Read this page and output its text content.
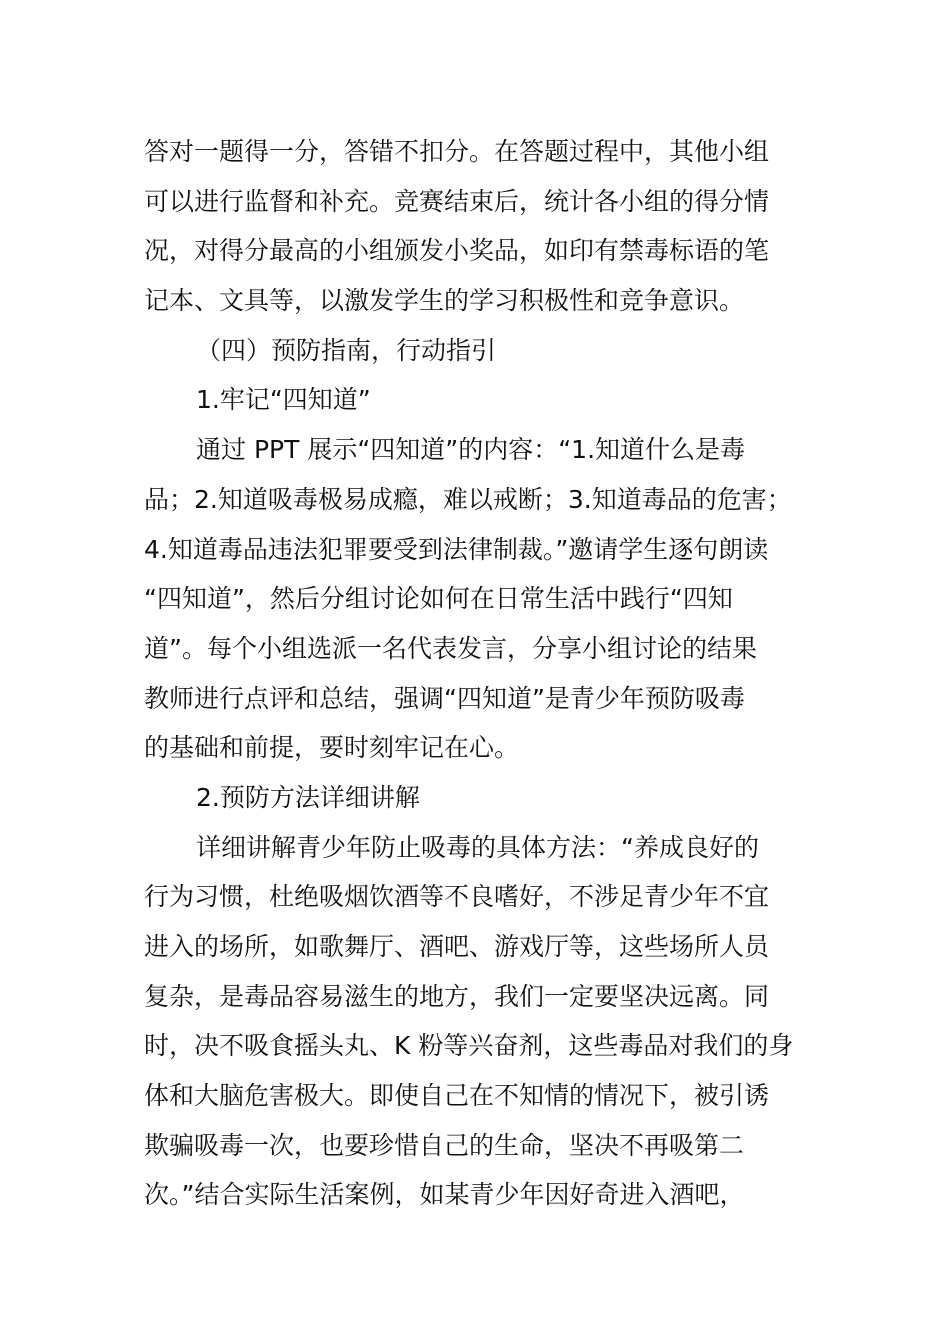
答对一题得一分，答错不扣分。在答题过程中，其他小组
可以进行监督和补充。竞赛结束后，统计各小组的得分情
况，对得分最高的小组颁发小奖品，如印有禁毒标语的笔
记本、文具等，以激发学生的学习积极性和竞争意识。
（四）预防指南，行动指引
1.牢记“四知道”
通过 PPT 展示“四知道”的内容：“1.知道什么是毒
品；2.知道吸毒极易成瘾，难以戒断；3.知道毒品的危害；
4.知道毒品违法犯罪要受到法律制裁。”邀请学生逐句朗读
“四知道”，然后分组讨论如何在日常生活中践行“四知
道”。每个小组选派一名代表发言，分享小组讨论的结果
教师进行点评和总结，强调“四知道”是青少年预防吸毒
的基础和前提，要时刻牢记在心。
2.预防方法详细讲解
详细讲解青少年防止吸毒的具体方法：“养成良好的
行为习惯，杜绝吸烟饮酒等不良嗜好，不涉足青少年不宜
进入的场所，如歌舞厅、酒吧、游戏厅等，这些场所人员
复杂，是毒品容易滋生的地方，我们一定要坚决远离。同
时，决不吸食摇头丸、K 粉等兴奋剂，这些毒品对我们的身
体和大脑危害极大。即使自己在不知情的情况下，被引诱
欺骗吸毒一次，也要珍惜自己的生命，坚决不再吸第二
次。”结合实际生活案例，如某青少年因好奇进入酒吧，
